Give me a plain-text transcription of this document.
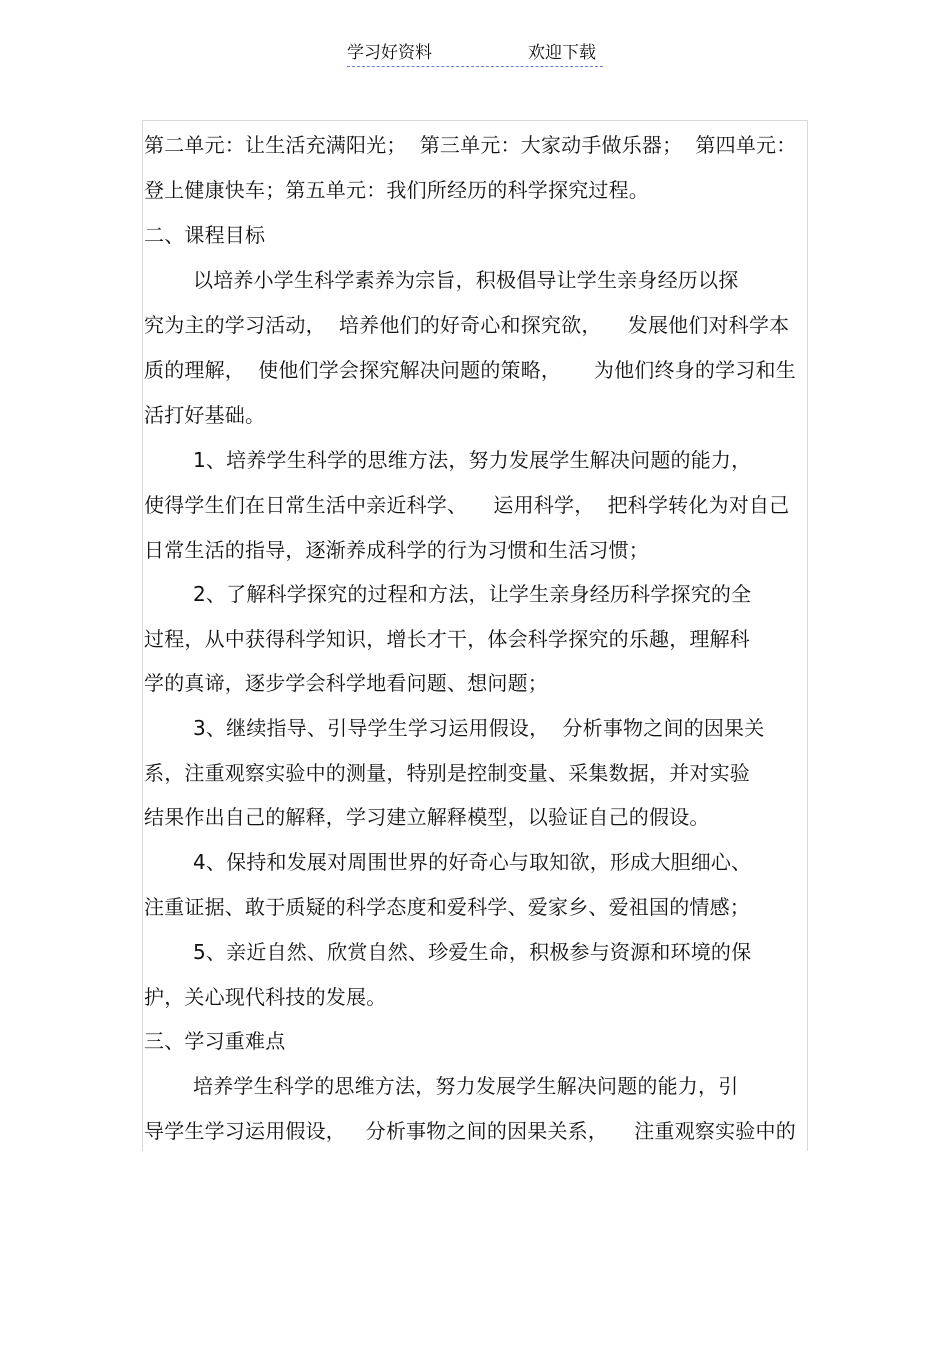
学习好资料	欢迎下载
第二单元：让生活充满阳光；  第三单元：大家动手做乐器；  第四单元：
登上健康快车；第五单元：我们所经历的科学探究过程。
二、课程目标
以培养小学生科学素养为宗旨，积极倡导让学生亲身经历以探
究为主的学习活动，  培养他们的好奇心和探究欲，    发展他们对科学本
质的理解，  使他们学会探究解决问题的策略，     为他们终身的学习和生
活打好基础。
1、培养学生科学的思维方法，努力发展学生解决问题的能力，
使得学生们在日常生活中亲近科学、    运用科学，  把科学转化为对自己
日常生活的指导，逐渐养成科学的行为习惯和生活习惯；
2、了解科学探究的过程和方法，让学生亲身经历科学探究的全
过程，从中获得科学知识，增长才干，体会科学探究的乐趣，理解科
学的真谛，逐步学会科学地看问题、想问题；
3、继续指导、引导学生学习运用假设，  分析事物之间的因果关
系，注重观察实验中的测量，特别是控制变量、采集数据，并对实验
结果作出自己的解释，学习建立解释模型，以验证自己的假设。
4、保持和发展对周围世界的好奇心与取知欲，形成大胆细心、
注重证据、敢于质疑的科学态度和爱科学、爱家乡、爱祖国的情感；
5、亲近自然、欣赏自然、珍爱生命，积极参与资源和环境的保
护，关心现代科技的发展。
三、学习重难点
培养学生科学的思维方法，努力发展学生解决问题的能力，引
导学生学习运用假设，   分析事物之间的因果关系，    注重观察实验中的
